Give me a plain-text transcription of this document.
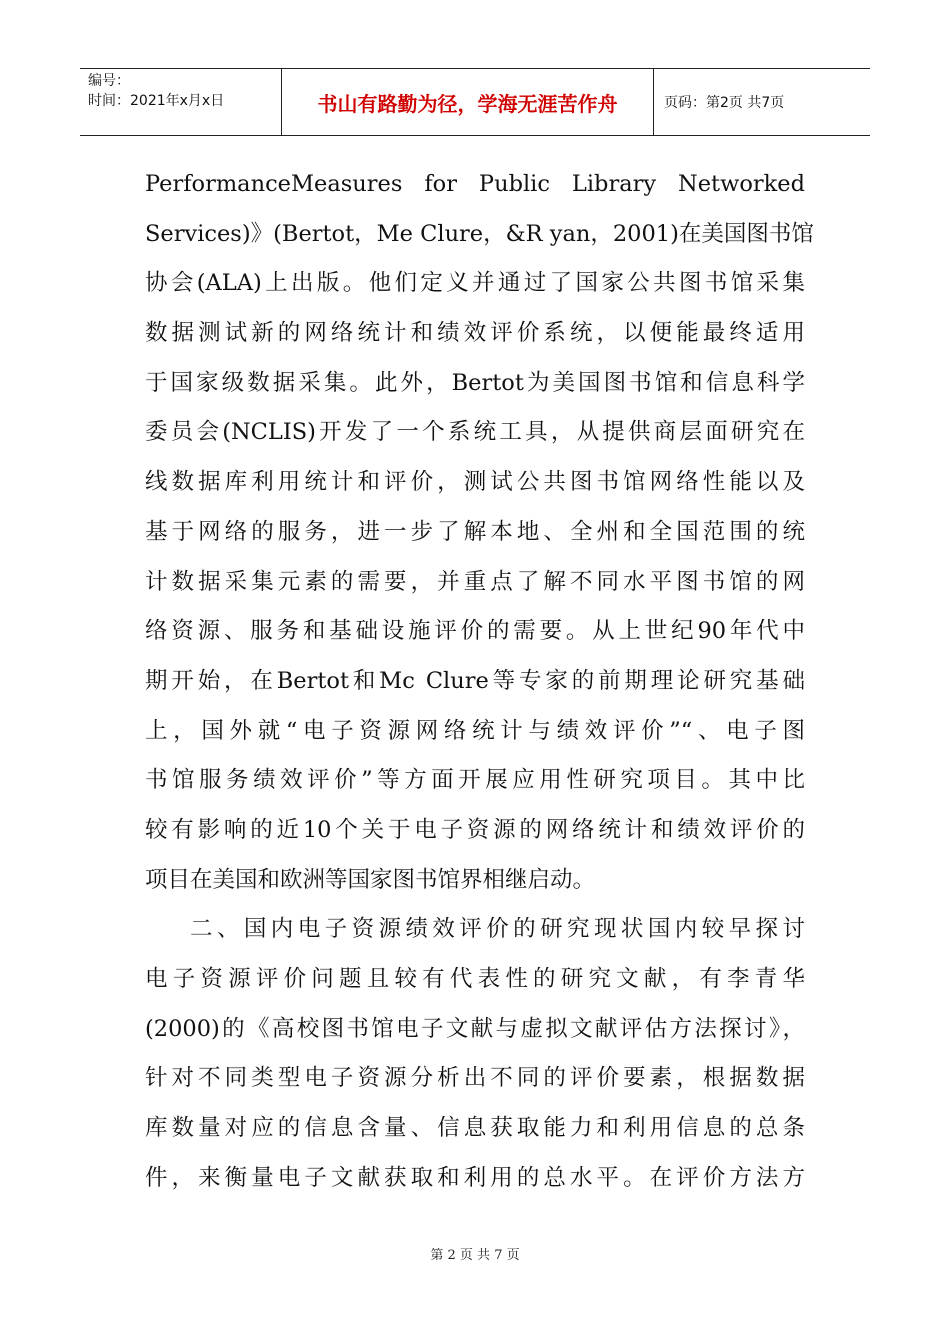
编号：
时间：2021年x月x日	书山有路勤为径，学海无涯苦作舟	页码：第2页 共7页
PerformanceMeasures for Public Library Networked
Services)》(Bertot，Me Clure，&R yan，2001)在美国图书馆
协会(ALA)上出版。他们定义并通过了国家公共图书馆采集
数据测试新的网络统计和绩效评价系统，以便能最终适用
于国家级数据采集。此外，Bertot为美国图书馆和信息科学
委员会(NCLIS)开发了一个系统工具，从提供商层面研究在
线数据库利用统计和评价，测试公共图书馆网络性能以及
基于网络的服务，进一步了解本地、全州和全国范围的统
计数据采集元素的需要，并重点了解不同水平图书馆的网
络资源、服务和基础设施评价的需要。从上世纪90年代中
期开始，在Bertot和Mc Clure等专家的前期理论研究基础
上，国外就“电子资源网络统计与绩效评价”“、电子图
书馆服务绩效评价”等方面开展应用性研究项目。其中比
较有影响的近10个关于电子资源的网络统计和绩效评价的
项目在美国和欧洲等国家图书馆界相继启动。
二、国内电子资源绩效评价的研究现状国内较早探讨
电子资源评价问题且较有代表性的研究文献，有李青华
(2000)的《高校图书馆电子文献与虚拟文献评估方法探讨》，
针对不同类型电子资源分析出不同的评价要素，根据数据
库数量对应的信息含量、信息获取能力和利用信息的总条
件，来衡量电子文献获取和利用的总水平。在评价方法方
第 2 页 共 7 页
